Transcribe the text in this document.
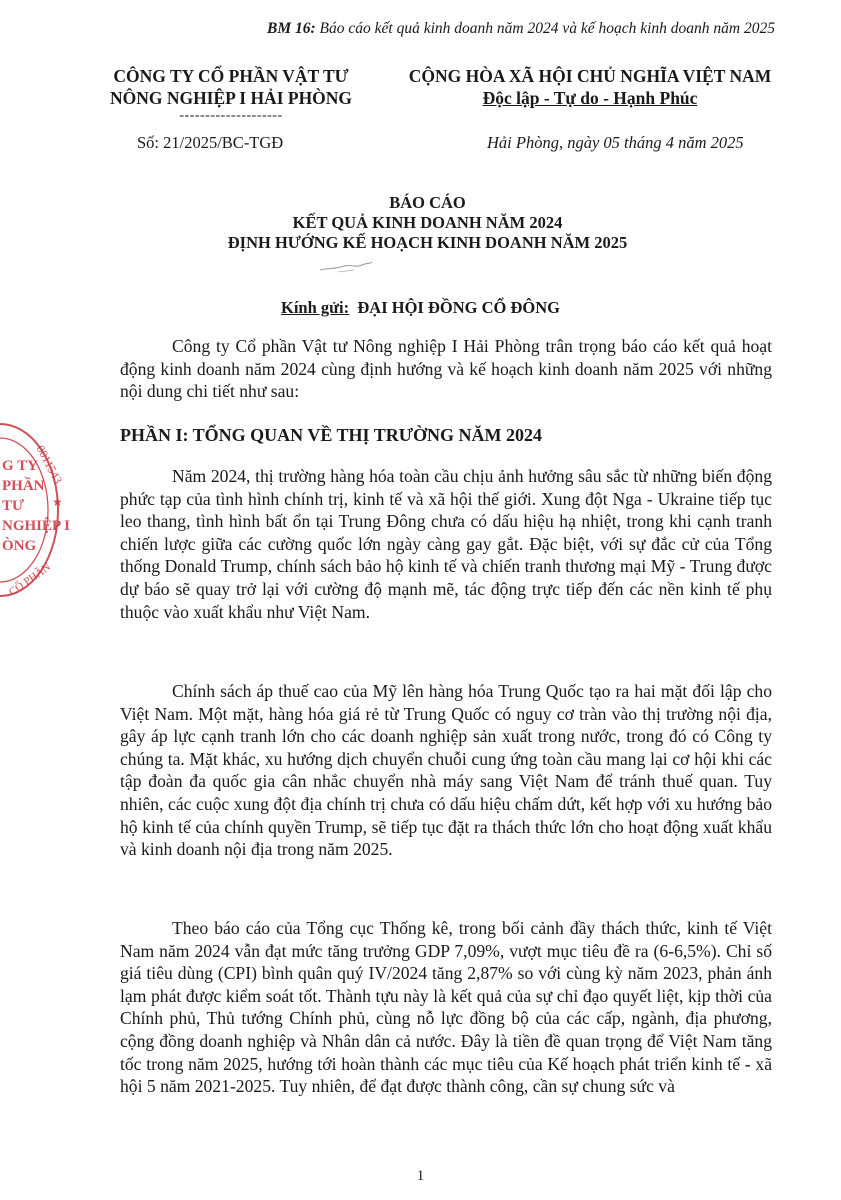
BM 16: Báo cáo kết quả kinh doanh năm 2024 và kế hoạch kinh doanh năm 2025
CÔNG TY CỔ PHẦN VẬT TƯ
NÔNG NGHIỆP I HẢI PHÒNG
--------------------
CỘNG HÒA XÃ HỘI CHỦ NGHĨA VIỆT NAM
Độc lập - Tự do - Hạnh Phúc
Số: 21/2025/BC-TGĐ	Hải Phòng, ngày 05 tháng 4 năm 2025
BÁO CÁO
KẾT QUẢ KINH DOANH NĂM 2024
ĐỊNH HƯỚNG KẾ HOẠCH KINH DOANH NĂM 2025
Kính gửi: ĐẠI HỘI ĐỒNG CỔ ĐÔNG

Công ty Cổ phần Vật tư Nông nghiệp I Hải Phòng trân trọng báo cáo kết quả hoạt động kinh doanh năm 2024 cùng định hướng và kế hoạch kinh doanh năm 2025 với những nội dung chi tiết như sau:

PHẦN I: TỔNG QUAN VỀ THỊ TRƯỜNG NĂM 2024

Năm 2024, thị trường hàng hóa toàn cầu chịu ảnh hưởng sâu sắc từ những biến động phức tạp của tình hình chính trị, kinh tế và xã hội thế giới. Xung đột Nga - Ukraine tiếp tục leo thang, tình hình bất ổn tại Trung Đông chưa có dấu hiệu hạ nhiệt, trong khi cạnh tranh chiến lược giữa các cường quốc lớn ngày càng gay gắt. Đặc biệt, với sự đắc cử của Tổng thống Donald Trump, chính sách bảo hộ kinh tế và chiến tranh thương mại Mỹ - Trung được dự báo sẽ quay trở lại với cường độ mạnh mẽ, tác động trực tiếp đến các nền kinh tế phụ thuộc vào xuất khẩu như Việt Nam.

Chính sách áp thuế cao của Mỹ lên hàng hóa Trung Quốc tạo ra hai mặt đối lập cho Việt Nam. Một mặt, hàng hóa giá rẻ từ Trung Quốc có nguy cơ tràn vào thị trường nội địa, gây áp lực cạnh tranh lớn cho các doanh nghiệp sản xuất trong nước, trong đó có Công ty chúng ta. Mặt khác, xu hướng dịch chuyển chuỗi cung ứng toàn cầu mang lại cơ hội khi các tập đoàn đa quốc gia cân nhắc chuyển nhà máy sang Việt Nam để tránh thuế quan. Tuy nhiên, các cuộc xung đột địa chính trị chưa có dấu hiệu chấm dứt, kết hợp với xu hướng bảo hộ kinh tế của chính quyền Trump, sẽ tiếp tục đặt ra thách thức lớn cho hoạt động xuất khẩu và kinh doanh nội địa trong năm 2025.

Theo báo cáo của Tổng cục Thống kê, trong bối cảnh đầy thách thức, kinh tế Việt Nam năm 2024 vẫn đạt mức tăng trưởng GDP 7,09%, vượt mục tiêu đề ra (6-6,5%). Chỉ số giá tiêu dùng (CPI) bình quân quý IV/2024 tăng 2,87% so với cùng kỳ năm 2023, phản ánh lạm phát được kiểm soát tốt. Thành tựu này là kết quả của sự chỉ đạo quyết liệt, kịp thời của Chính phủ, Thủ tướng Chính phủ, cùng nỗ lực đồng bộ của các cấp, ngành, địa phương, cộng đồng doanh nghiệp và Nhân dân cả nước. Đây là tiền đề quan trọng để Việt Nam tăng tốc trong năm 2025, hướng tới hoàn thành các mục tiêu của Kế hoạch phát triển kinh tế - xã hội 5 năm 2021-2025. Tuy nhiên, để đạt được thành công, cần sự chung sức và

1
G TY
PHẦN
TƯ
NGHIỆP I
ÒNG
0011543
CỔ PHẦN
★
